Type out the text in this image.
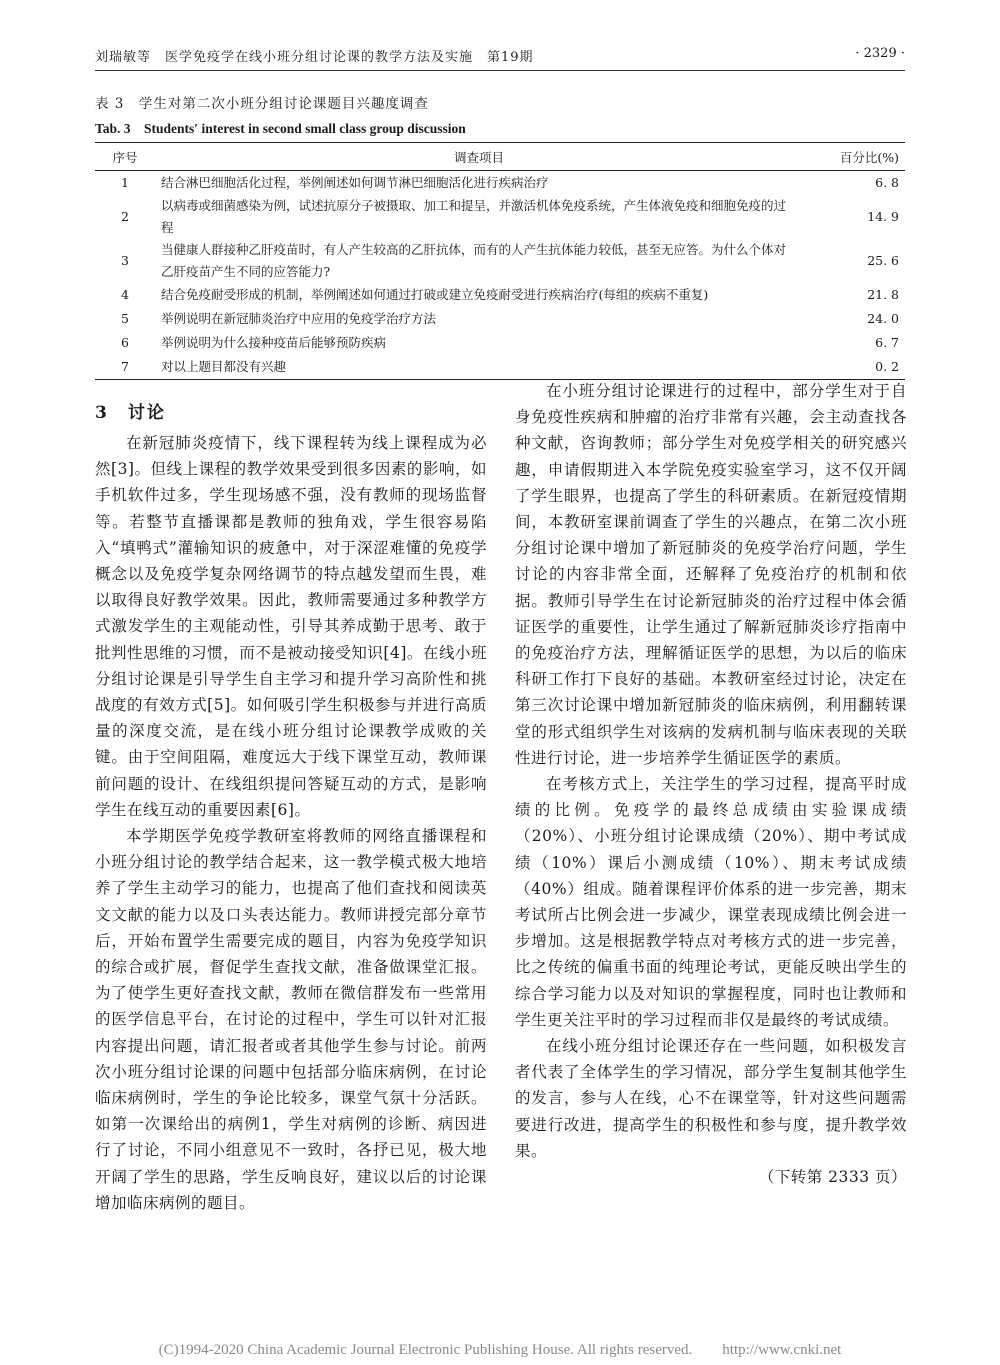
刘瑞敏等　医学免疫学在线小班分组讨论课的教学方法及实施　第19期	· 2329 ·
表 3　学生对第二次小班分组讨论课题目兴趣度调查
Tab. 3　Students′ interest in second small class group discussion
序号	调查项目	百分比(%)
1	结合淋巴细胞活化过程，举例阐述如何调节淋巴细胞活化进行疾病治疗	6. 8
2	以病毒或细菌感染为例，试述抗原分子被摄取、加工和提呈，并激活机体免疫系统，产生体液免疫和细胞免疫的过程	14. 9
3	当健康人群接种乙肝疫苗时，有人产生较高的乙肝抗体，而有的人产生抗体能力较低，甚至无应答。为什么个体对乙肝疫苗产生不同的应答能力?	25. 6
4	结合免疫耐受形成的机制，举例阐述如何通过打破或建立免疫耐受进行疾病治疗(每组的疾病不重复)	21. 8
5	举例说明在新冠肺炎治疗中应用的免疫学治疗方法	24. 0
6	举例说明为什么接种疫苗后能够预防疾病	6. 7
7	对以上题目都没有兴趣	0. 2
3　讨论

在新冠肺炎疫情下，线下课程转为线上课程成为必然[3]。但线上课程的教学效果受到很多因素的影响，如手机软件过多，学生现场感不强，没有教师的现场监督等。若整节直播课都是教师的独角戏，学生很容易陷入“填鸭式”灌输知识的疲惫中，对于深涩难懂的免疫学概念以及免疫学复杂网络调节的特点越发望而生畏，难以取得良好教学效果。因此，教师需要通过多种教学方式激发学生的主观能动性，引导其养成勤于思考、敢于批判性思维的习惯，而不是被动接受知识[4]。在线小班分组讨论课是引导学生自主学习和提升学习高阶性和挑战度的有效方式[5]。如何吸引学生积极参与并进行高质量的深度交流，是在线小班分组讨论课教学成败的关键。由于空间阻隔，难度远大于线下课堂互动，教师课前问题的设计、在线组织提问答疑互动的方式，是影响学生在线互动的重要因素[6]。

本学期医学免疫学教研室将教师的网络直播课程和小班分组讨论的教学结合起来，这一教学模式极大地培养了学生主动学习的能力，也提高了他们查找和阅读英文文献的能力以及口头表达能力。教师讲授完部分章节后，开始布置学生需要完成的题目，内容为免疫学知识的综合或扩展，督促学生查找文献，准备做课堂汇报。为了使学生更好查找文献，教师在微信群发布一些常用的医学信息平台，在讨论的过程中，学生可以针对汇报内容提出问题，请汇报者或者其他学生参与讨论。前两次小班分组讨论课的问题中包括部分临床病例，在讨论临床病例时，学生的争论比较多，课堂气氛十分活跃。如第一次课给出的病例1，学生对病例的诊断、病因进行了讨论，不同小组意见不一致时，各抒已见，极大地开阔了学生的思路，学生反响良好，建议以后的讨论课增加临床病例的题目。

在小班分组讨论课进行的过程中，部分学生对于自身免疫性疾病和肿瘤的治疗非常有兴趣，会主动查找各种文献，咨询教师；部分学生对免疫学相关的研究感兴趣，申请假期进入本学院免疫实验室学习，这不仅开阔了学生眼界，也提高了学生的科研素质。在新冠疫情期间，本教研室课前调查了学生的兴趣点，在第二次小班分组讨论课中增加了新冠肺炎的免疫学治疗问题，学生讨论的内容非常全面，还解释了免疫治疗的机制和依据。教师引导学生在讨论新冠肺炎的治疗过程中体会循证医学的重要性，让学生通过了解新冠肺炎诊疗指南中的免疫治疗方法，理解循证医学的思想，为以后的临床科研工作打下良好的基础。本教研室经过讨论，决定在第三次讨论课中增加新冠肺炎的临床病例，利用翻转课堂的形式组织学生对该病的发病机制与临床表现的关联性进行讨论，进一步培养学生循证医学的素质。

在考核方式上，关注学生的学习过程，提高平时成绩的比例。免疫学的最终总成绩由实验课成绩（20%）、小班分组讨论课成绩（20%）、期中考试成绩（10%）课后小测成绩（10%）、期末考试成绩（40%）组成。随着课程评价体系的进一步完善，期末考试所占比例会进一步减少，课堂表现成绩比例会进一步增加。这是根据教学特点对考核方式的进一步完善，比之传统的偏重书面的纯理论考试，更能反映出学生的综合学习能力以及对知识的掌握程度，同时也让教师和学生更关注平时的学习过程而非仅是最终的考试成绩。

在线小班分组讨论课还存在一些问题，如积极发言者代表了全体学生的学习情况，部分学生复制其他学生的发言，参与人在线，心不在课堂等，针对这些问题需要进行改进，提高学生的积极性和参与度，提升教学效果。

（下转第 2333 页）

(C)1994-2020 China Academic Journal Electronic Publishing House. All rights reserved.　　http://www.cnki.net
